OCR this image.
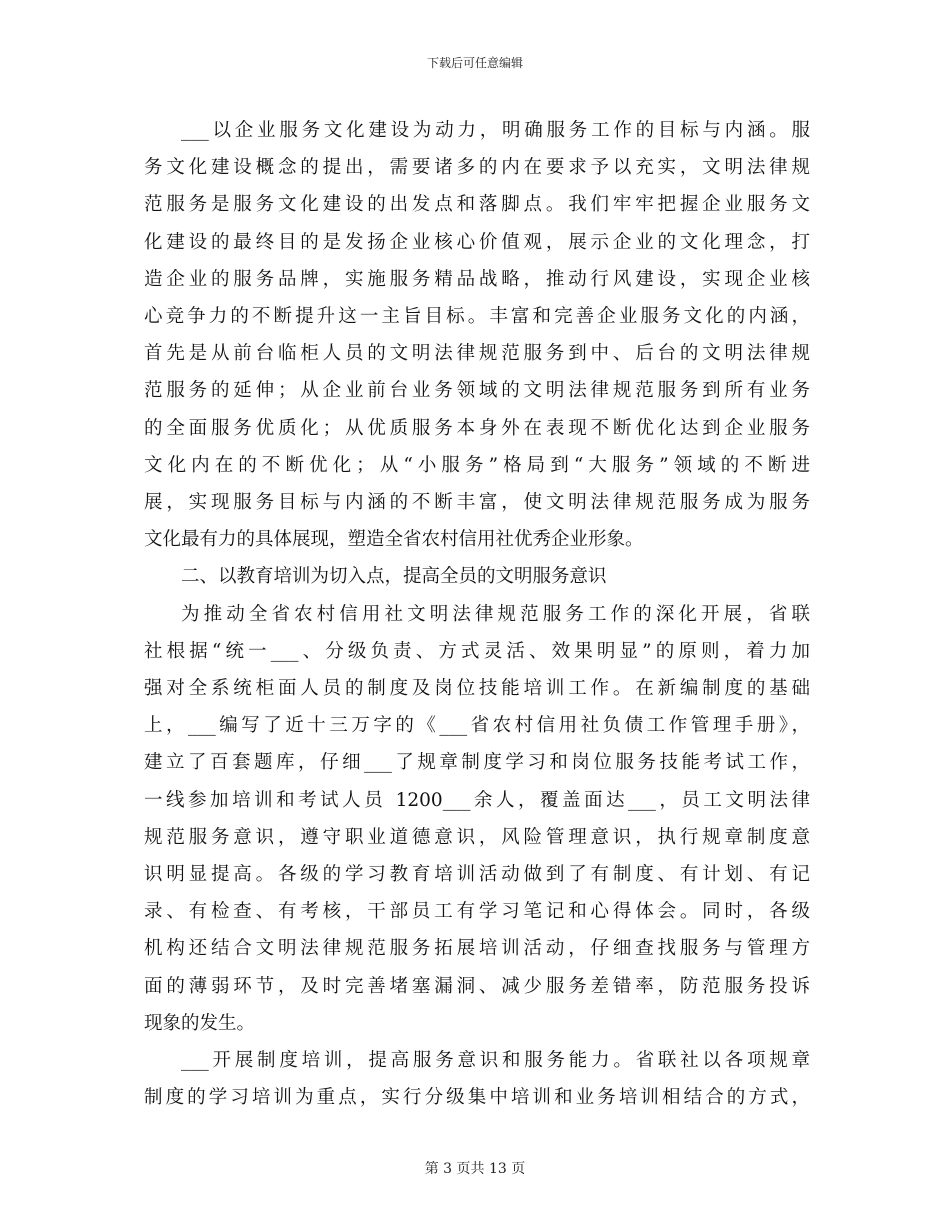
下载后可任意编辑

___以企业服务文化建设为动力，明确服务工作的目标与内涵。服
务文化建设概念的提出，需要诸多的内在要求予以充实，文明法律规
范服务是服务文化建设的出发点和落脚点。我们牢牢把握企业服务文
化建设的最终目的是发扬企业核心价值观，展示企业的文化理念，打
造企业的服务品牌，实施服务精品战略，推动行风建设，实现企业核
心竞争力的不断提升这一主旨目标。丰富和完善企业服务文化的内涵，
首先是从前台临柜人员的文明法律规范服务到中、后台的文明法律规
范服务的延伸；从企业前台业务领域的文明法律规范服务到所有业务
的全面服务优质化；从优质服务本身外在表现不断优化达到企业服务
文化内在的不断优化；从“小服务”格局到“大服务”领域的不断进
展，实现服务目标与内涵的不断丰富，使文明法律规范服务成为服务
文化最有力的具体展现，塑造全省农村信用社优秀企业形象。

二、以教育培训为切入点，提高全员的文明服务意识

为推动全省农村信用社文明法律规范服务工作的深化开展，省联
社根据“统一___、分级负责、方式灵活、效果明显”的原则，着力加
强对全系统柜面人员的制度及岗位技能培训工作。在新编制度的基础
上，___编写了近十三万字的《___省农村信用社负债工作管理手册》，
建立了百套题库，仔细___了规章制度学习和岗位服务技能考试工作，
一线参加培训和考试人员 1200___余人，覆盖面达___，员工文明法律
规范服务意识，遵守职业道德意识，风险管理意识，执行规章制度意
识明显提高。各级的学习教育培训活动做到了有制度、有计划、有记
录、有检查、有考核，干部员工有学习笔记和心得体会。同时，各级
机构还结合文明法律规范服务拓展培训活动，仔细查找服务与管理方
面的薄弱环节，及时完善堵塞漏洞、减少服务差错率，防范服务投诉
现象的发生。

___开展制度培训，提高服务意识和服务能力。省联社以各项规章
制度的学习培训为重点，实行分级集中培训和业务培训相结合的方式，

第 3 页共 13 页
